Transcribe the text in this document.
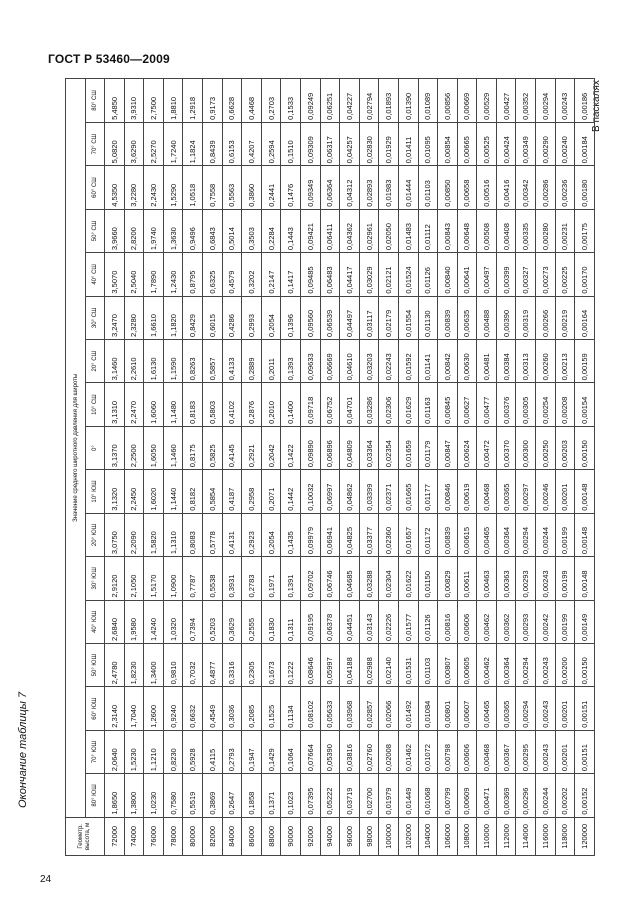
ГОСТ Р 53460—2009
Окончание таблицы 7
В паскалях
Геометр. высота, м	Значение среднего широтного давления для широты																
	80° ЮШ	70° ЮШ	60° ЮШ	50° ЮШ	40° ЮШ	30° ЮШ	20° ЮШ	10° ЮШ	0°	10° СШ	20° СШ	30° СШ	40° СШ	50° СШ	60° СШ	70° СШ	80° СШ
72000	1,8650	2,0640	2,3140	2,4780	2,6840	2,9120	3,0750	3,1320	3,1370	3,1310	3,1460	3,2470	3,5070	3,9660	4,5350	5,0820	5,4850
74000	1,3800	1,5230	1,7040	1,8230	1,9580	2,1050	2,2090	2,2450	2,2500	2,2470	2,2610	2,3280	2,5040	2,8200	3,2280	3,6290	3,9310
76000	1,0230	1,1210	1,2600	1,3400	1,4240	1,5170	1,5820	1,6020	1,6050	1,6060	1,6130	1,6610	1,7890	1,9740	2,2430	2,5270	2,7500
78000	0,7580	0,8230	0,9240	0,9810	1,0320	1,0900	1,1310	1,1440	1,1460	1,1480	1,1590	1,1820	1,2430	1,3630	1,5290	1,7240	1,8810
80000	0,5519	0,5928	0,6632	0,7032	0,7394	0,7787	0,8083	0,8182	0,8175	0,8183	0,8263	0,8429	0,8795	0,9496	1,0518	1,1824	1,2918
82000	0,3869	0,4115	0,4549	0,4877	0,5203	0,5538	0,5778	0,5854	0,5825	0,5803	0,5857	0,6015	0,6325	0,6843	0,7558	0,8439	0,9173
84000	0,2647	0,2793	0,3036	0,3316	0,3629	0,3931	0,4131	0,4187	0,4145	0,4102	0,4133	0,4286	0,4579	0,5014	0,5563	0,6153	0,6628
86000	0,1858	0,1947	0,2085	0,2305	0,2555	0,2783	0,2923	0,2958	0,2921	0,2876	0,2889	0,2993	0,3202	0,3503	0,3860	0,4207	0,4468
88000	0,1371	0,1429	0,1525	0,1673	0,1830	0,1971	0,2054	0,2071	0,2042	0,2010	0,2011	0,2054	0,2147	0,2284	0,2441	0,2594	0,2703
90000	0,1023	0,1064	0,1134	0,1222	0,1311	0,1391	0,1435	0,1442	0,1422	0,1400	0,1393	0,1396	0,1417	0,1443	0,1476	0,1510	0,1533
92000	0,07395	0,07664	0,08102	0,08646	0,09195	0,09702	0,09979	0,10032	0,09890	0,09718	0,09633	0,09560	0,09485	0,09421	0,09349	0,09309	0,09249
94000	0,05222	0,05390	0,05633	0,05997	0,06378	0,06746	0,06941	0,06997	0,06896	0,06752	0,06669	0,06539	0,06483	0,06411	0,06364	0,06317	0,06251
96000	0,03719	0,03816	0,03968	0,04188	0,04451	0,04685	0,04825	0,04862	0,04809	0,04701	0,04610	0,04497	0,04417	0,04362	0,04312	0,04257	0,04227
98000	0,02700	0,02760	0,02857	0,02988	0,03143	0,03288	0,03377	0,03399	0,03364	0,03286	0,03203	0,03117	0,03029	0,02961	0,02893	0,02830	0,02794
100000	0,01979	0,02008	0,02066	0,02140	0,02226	0,02304	0,02360	0,02371	0,02354	0,02306	0,02243	0,02179	0,02121	0,02050	0,01983	0,01929	0,01893
102000	0,01449	0,01462	0,01492	0,01531	0,01577	0,01622	0,01657	0,01665	0,01659	0,01629	0,01592	0,01554	0,01524	0,01483	0,01444	0,01411	0,01390
104000	0,01068	0,01072	0,01084	0,01103	0,01126	0,01150	0,01172	0,01177	0,01179	0,01163	0,01141	0,01130	0,01126	0,01112	0,01103	0,01095	0,01089
106000	0,00799	0,00798	0,00801	0,00807	0,00816	0,00829	0,00839	0,00846	0,00847	0,00845	0,00842	0,00839	0,00840	0,00843	0,00850	0,00854	0,00856
108000	0,00609	0,00606	0,00607	0,00605	0,00606	0,00611	0,00615	0,00619	0,00624	0,00627	0,00630	0,00635	0,00641	0,00648	0,00658	0,00665	0,00669
110000	0,00471	0,00468	0,00465	0,00462	0,00462	0,00463	0,00465	0,00468	0,00472	0,00477	0,00481	0,00488	0,00497	0,00508	0,00516	0,00525	0,00529
112000	0,00369	0,00367	0,00365	0,00364	0,00362	0,00363	0,00364	0,00365	0,00370	0,00376	0,00384	0,00390	0,00399	0,00408	0,00416	0,00424	0,00427
114000	0,00296	0,00295	0,00294	0,00294	0,00293	0,00293	0,00294	0,00297	0,00300	0,00305	0,00313	0,00319	0,00327	0,00335	0,00342	0,00349	0,00352
116000	0,00244	0,00243	0,00243	0,00243	0,00242	0,00243	0,00244	0,00246	0,00250	0,00254	0,00260	0,00266	0,00273	0,00280	0,00286	0,00290	0,00294
118000	0,00202	0,00201	0,00201	0,00200	0,00199	0,00199	0,00199	0,00201	0,00203	0,00208	0,00213	0,00219	0,00225	0,00231	0,00236	0,00240	0,00243
120000	0,00152	0,00151	0,00151	0,00150	0,00149	0,00148	0,00148	0,00148	0,00150	0,00154	0,00159	0,00164	0,00170	0,00175	0,00180	0,00184	0,00186
24
